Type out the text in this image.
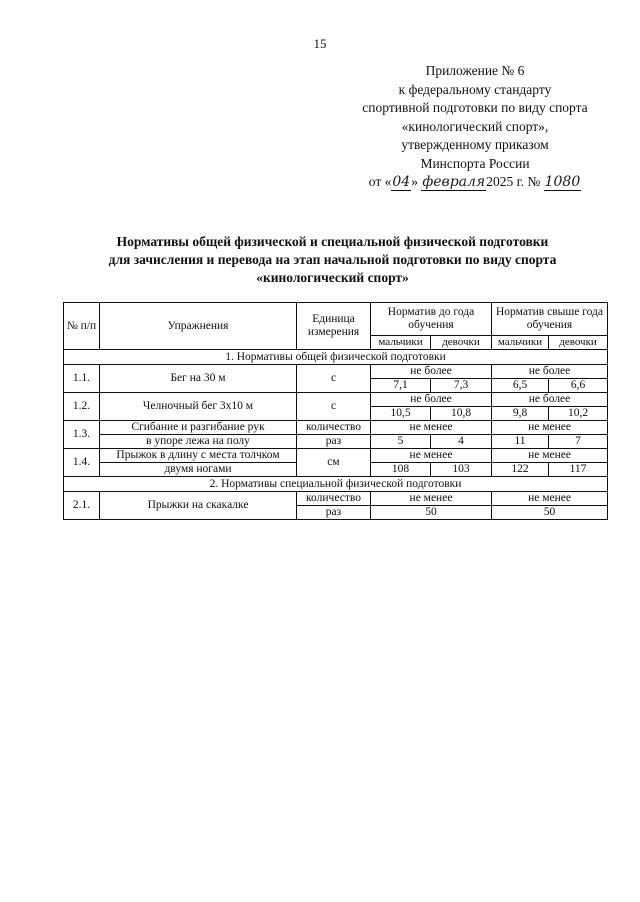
15
Приложение № 6
к федеральному стандарту
спортивной подготовки по виду спорта
«кинологический спорт»,
утвержденному приказом
Минспорта России
от «04» февраля2025 г. № 1080
Нормативы общей физической и специальной физической подготовки
для зачисления и перевода на этап начальной подготовки по виду спорта
«кинологический спорт»
№ п/п	Упражнения	Единица измерения	Норматив до года обучения		Норматив свыше года обучения	
			мальчики	девочки	мальчики	девочки
1. Нормативы общей физической подготовки						
1.1.	Бег на 30 м	с	не более		не более	
			7,1	7,3	6,5	6,6
1.2.	Челночный бег 3х10 м	с	не более		не более	
			10,5	10,8	9,8	10,2
1.3.	Сгибание и разгибание рук	количество	не менее		не менее	
	в упоре лежа на полу	раз	5	4	11	7
1.4.	Прыжок в длину с места толчком	см	не менее		не менее	
	двумя ногами		108	103	122	117
2. Нормативы специальной физической подготовки						
2.1.	Прыжки на скакалке	количество	не менее		не менее	
		раз	50		50	
